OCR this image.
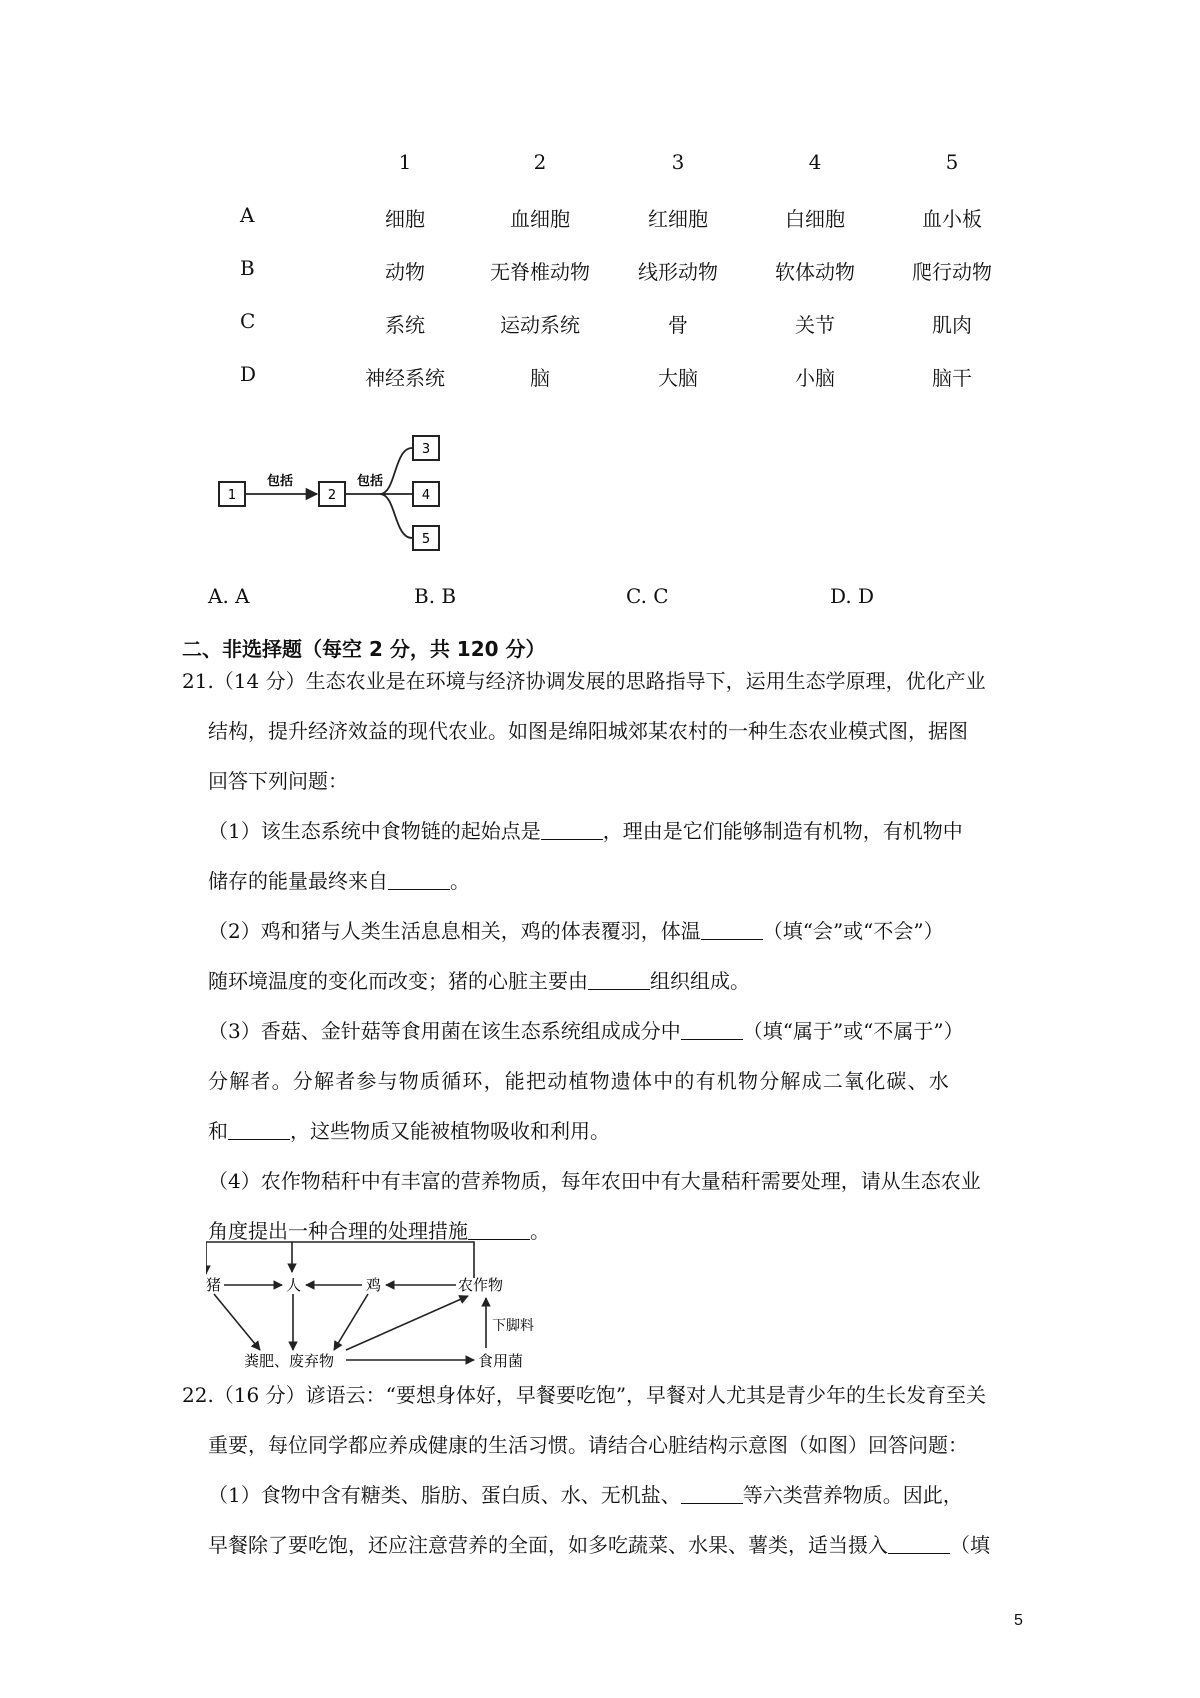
1	2	3	4	5
A	细胞	血细胞	红细胞	白细胞	血小板
B	动物	无脊椎动物	线形动物	软体动物	爬行动物
C	系统	运动系统	骨	关节	肌肉
D	神经系统	脑	大脑	小脑	脑干
1
包括
2
包括
3
4
5
A. A	B. B	C. C	D. D
二、非选择题（每空 2 分，共 120 分）
21.（14 分）生态农业是在环境与经济协调发展的思路指导下，运用生态学原理，优化产业
结构，提升经济效益的现代农业。如图是绵阳城郊某农村的一种生态农业模式图，据图
回答下列问题：
（1）该生态系统中食物链的起始点是	，理由是它们能够制造有机物，有机物中
储存的能量最终来自	。
（2）鸡和猪与人类生活息息相关，鸡的体表覆羽，体温	（填“会”或“不会”）
随环境温度的变化而改变；猪的心脏主要由	组织组成。
（3）香菇、金针菇等食用菌在该生态系统组成成分中	（填“属于”或“不属于”）
分解者。分解者参与物质循环，能把动植物遗体中的有机物分解成二氧化碳、水
和	，这些物质又能被植物吸收和利用。
（4）农作物秸秆中有丰富的营养物质，每年农田中有大量秸秆需要处理，请从生态农业
角度提出一种合理的处理措施	。
猪	人	鸡	农作物
粪肥、废弃物	食用菌
下脚料
22.（16 分）谚语云：“要想身体好，早餐要吃饱”，早餐对人尤其是青少年的生长发育至关
重要，每位同学都应养成健康的生活习惯。请结合心脏结构示意图（如图）回答问题：
（1）食物中含有糖类、脂肪、蛋白质、水、无机盐、	等六类营养物质。因此，
早餐除了要吃饱，还应注意营养的全面，如多吃蔬菜、水果、薯类，适当摄入	（填
5
